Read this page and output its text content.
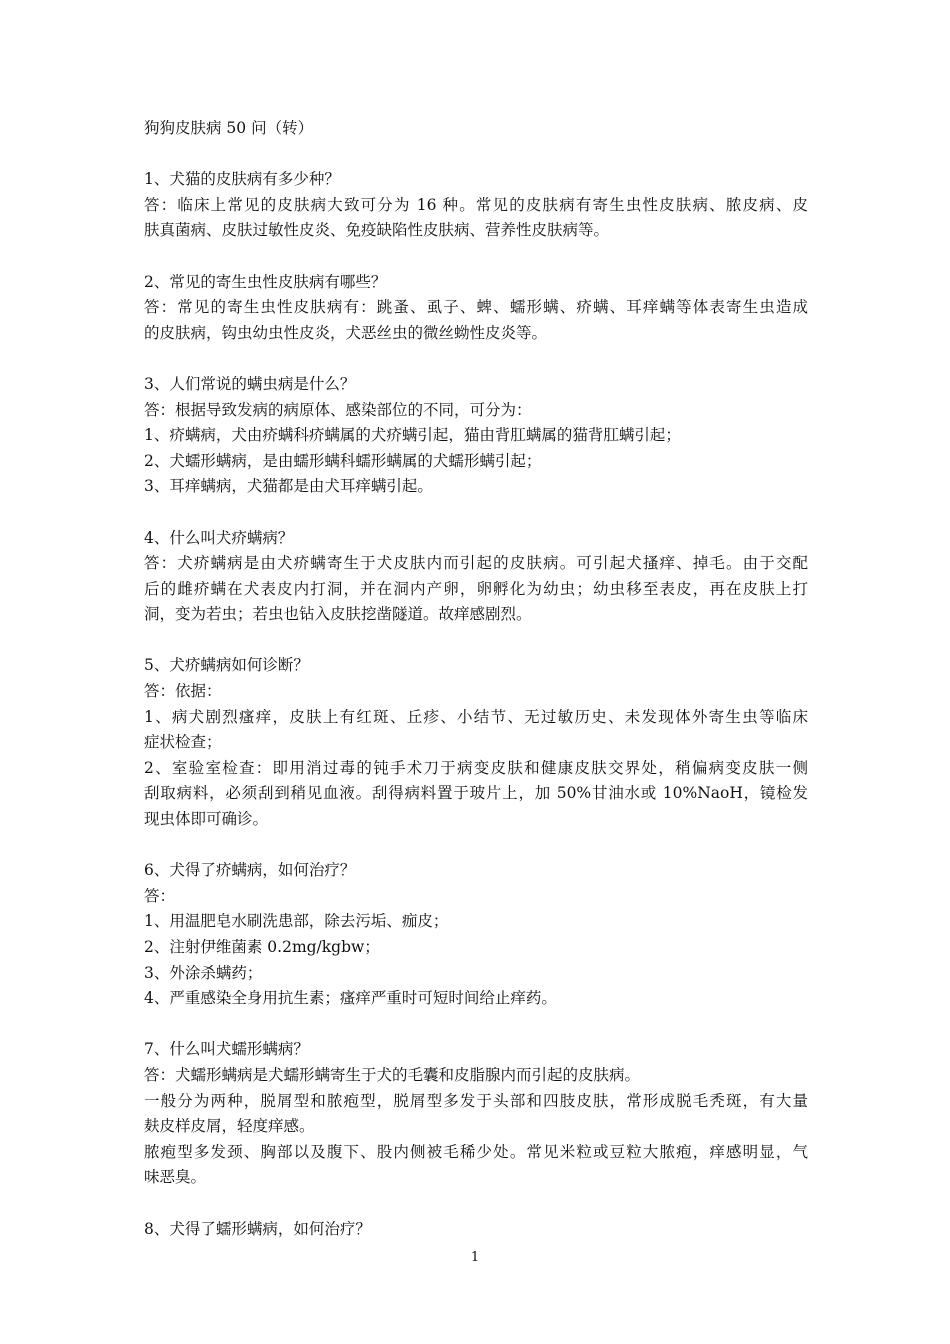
狗狗皮肤病 50 问（转）
1、犬猫的皮肤病有多少种？
答：临床上常见的皮肤病大致可分为 16 种。常见的皮肤病有寄生虫性皮肤病、脓皮病、皮
肤真菌病、皮肤过敏性皮炎、免疫缺陷性皮肤病、营养性皮肤病等。
2、常见的寄生虫性皮肤病有哪些？
答：常见的寄生虫性皮肤病有：跳蚤、虱子、蜱、蠕形螨、疥螨、耳痒螨等体表寄生虫造成
的皮肤病，钩虫幼虫性皮炎，犬恶丝虫的微丝蚴性皮炎等。
3、人们常说的螨虫病是什么？
答：根据导致发病的病原体、感染部位的不同，可分为：
1、疥螨病，犬由疥螨科疥螨属的犬疥螨引起，猫由背肛螨属的猫背肛螨引起；
2、犬蠕形螨病，是由蠕形螨科蠕形螨属的犬蠕形螨引起；
3、耳痒螨病，犬猫都是由犬耳痒螨引起。
4、什么叫犬疥螨病？
答：犬疥螨病是由犬疥螨寄生于犬皮肤内而引起的皮肤病。可引起犬搔痒、掉毛。由于交配
后的雌疥螨在犬表皮内打洞，并在洞内产卵，卵孵化为幼虫；幼虫移至表皮，再在皮肤上打
洞，变为若虫；若虫也钻入皮肤挖凿隧道。故痒感剧烈。
5、犬疥螨病如何诊断？
答：依据：
1、病犬剧烈瘙痒，皮肤上有红斑、丘疹、小结节、无过敏历史、未发现体外寄生虫等临床
症状检查；
2、室验室检查：即用消过毒的钝手术刀于病变皮肤和健康皮肤交界处，稍偏病变皮肤一侧
刮取病料，必须刮到稍见血液。刮得病料置于玻片上，加 50%甘油水或 10%NaoH，镜检发
现虫体即可确诊。
6、犬得了疥螨病，如何治疗？
答：
1、用温肥皂水刷洗患部，除去污垢、痂皮；
2、注射伊维菌素 0.2mg/kgbw；
3、外涂杀螨药；
4、严重感染全身用抗生素；瘙痒严重时可短时间给止痒药。
7、什么叫犬蠕形螨病？
答：犬蠕形螨病是犬蠕形螨寄生于犬的毛囊和皮脂腺内而引起的皮肤病。
一般分为两种，脱屑型和脓疱型，脱屑型多发于头部和四肢皮肤，常形成脱毛秃斑，有大量
麸皮样皮屑，轻度痒感。
脓疱型多发颈、胸部以及腹下、股内侧被毛稀少处。常见米粒或豆粒大脓疱，痒感明显，气
味恶臭。
8、犬得了蠕形螨病，如何治疗？
1
